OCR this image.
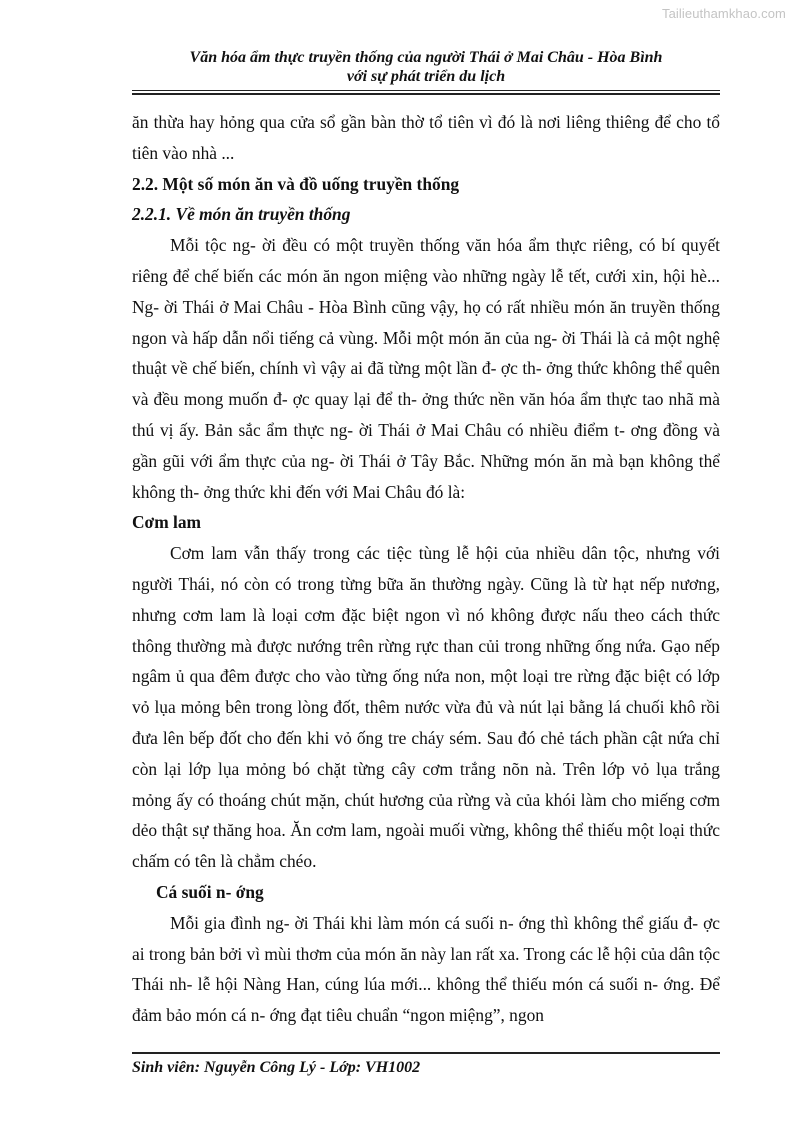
Tailieuthamkhao.com
Văn hóa ẩm thực truyền thống của người Thái ở Mai Châu - Hòa Bình
với sự phát triển du lịch

ăn thừa hay hỏng qua cửa sổ gần bàn thờ tổ tiên vì đó là nơi liêng thiêng để cho tổ tiên vào nhà ...

2.2. Một số món ăn và đồ uống truyền thống

2.2.1. Về món ăn truyền thống

Mỗi tộc ng- ời đều có một truyền thống văn hóa ẩm thực riêng, có bí quyết riêng để chế biến các món ăn ngon miệng vào những ngày lễ tết, cưới xin, hội hè... Ng- ời Thái ở Mai Châu - Hòa Bình cũng vậy, họ có rất nhiều món ăn truyền thống ngon và hấp dẫn nổi tiếng cả vùng. Mỗi một món ăn của ng- ời Thái là cả một nghệ thuật về chế biến, chính vì vậy ai đã từng một lần đ- ợc th- ởng thức không thể quên và đều mong muốn đ- ợc quay lại để th- ởng thức nền văn hóa ẩm thực tao nhã mà thú vị ấy. Bản sắc ẩm thực ng- ời Thái ở Mai Châu có nhiều điểm t- ơng đồng và gần gũi với ẩm thực của ng- ời Thái ở Tây Bắc. Những món ăn mà bạn không thể không th- ởng thức khi đến với Mai Châu đó là:

Cơm lam

Cơm lam vẫn thấy trong các tiệc tùng lễ hội của nhiều dân tộc, nhưng với người Thái, nó còn có trong từng bữa ăn thường ngày. Cũng là từ hạt nếp nương, nhưng cơm lam là loại cơm đặc biệt ngon vì nó không được nấu theo cách thức thông thường mà được nướng trên rừng rực than củi trong những ống nứa. Gạo nếp ngâm ủ qua đêm được cho vào từng ống nứa non, một loại tre rừng đặc biệt có lớp vỏ lụa mỏng bên trong lòng đốt, thêm nước vừa đủ và nút lại bằng lá chuối khô rồi đưa lên bếp đốt cho đến khi vỏ ống tre cháy sém. Sau đó chẻ tách phần cật nứa chỉ còn lại lớp lụa mỏng bó chặt từng cây cơm trắng nõn nà. Trên lớp vỏ lụa trắng mỏng ấy có thoáng chút mặn, chút hương của rừng và của khói làm cho miếng cơm dẻo thật sự thăng hoa. Ăn cơm lam, ngoài muối vừng, không thể thiếu một loại thức chấm có tên là chẳm chéo.

Cá suối n- ớng

Mỗi gia đình ng- ời Thái khi làm món cá suối n- ớng thì không thể giấu đ- ợc ai trong bản bởi vì mùi thơm của món ăn này lan rất xa. Trong các lễ hội của dân tộc Thái nh- lễ hội Nàng Han, cúng lúa mới... không thể thiếu món cá suối n- ớng. Để đảm bảo món cá n- ớng đạt tiêu chuẩn “ngon miệng”, ngon

Sinh viên: Nguyễn Công Lý - Lớp: VH1002
